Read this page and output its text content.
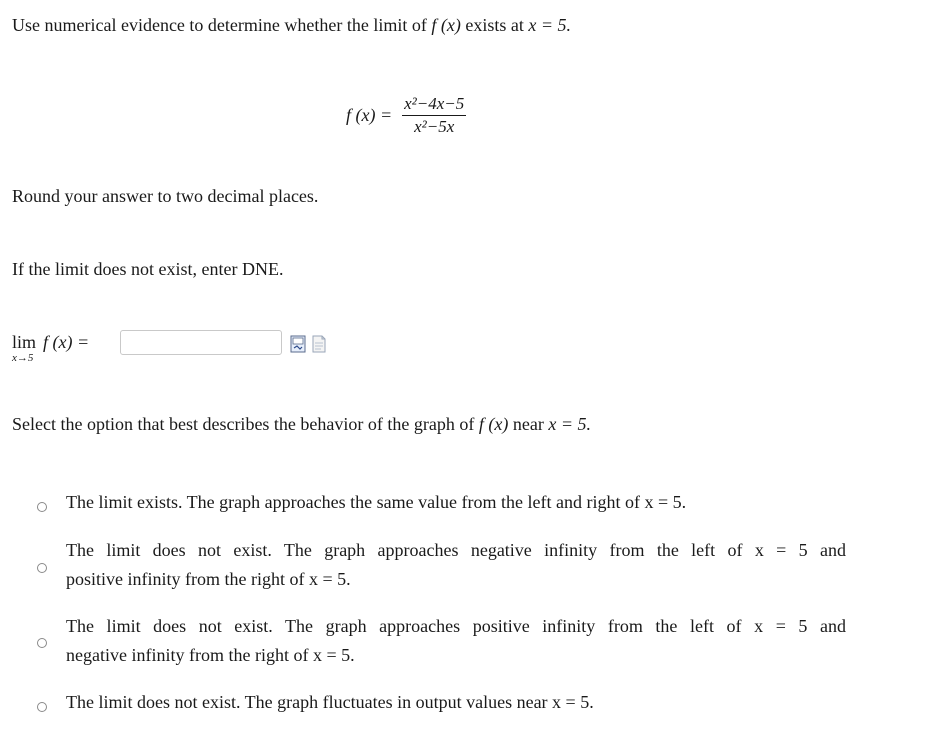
Use numerical evidence to determine whether the limit of f (x) exists at x = 5.
f $(x) = \frac{\text{x²−4x−5}}{\text{x²−5x}}$
Round your answer to two decimal places.
If the limit does not exist, enter DNE.
lim f (x) =
x→5
Select the option that best describes the behavior of the graph of f (x) near x = 5.
The limit exists. The graph approaches the same value from the left and right of x = 5.
The limit does not exist. The graph approaches negative infinity from the left of x = 5 and
positive infinity from the right of x = 5.
The limit does not exist. The graph approaches positive infinity from the left of x = 5 and
negative infinity from the right of x = 5.
The limit does not exist. The graph fluctuates in output values near x = 5.
